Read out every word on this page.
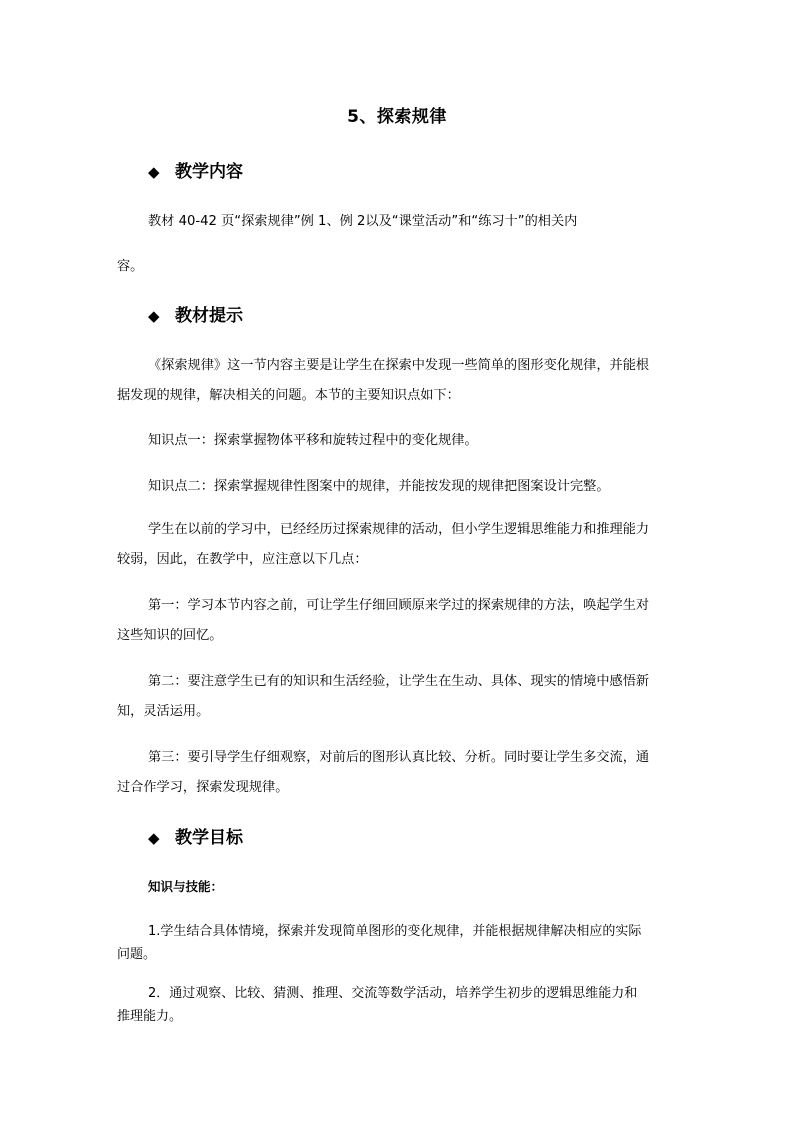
5、探索规律
◆ 教学内容
教材 40-42 页“探索规律”例 1、例 2以及“课堂活动”和“练习十”的相关内
容。
◆ 教材提示
《探索规律》这一节内容主要是让学生在探索中发现一些简单的图形变化规律，并能根
据发现的规律，解决相关的问题。本节的主要知识点如下：
知识点一：探索掌握物体平移和旋转过程中的变化规律。
知识点二：探索掌握规律性图案中的规律，并能按发现的规律把图案设计完整。
学生在以前的学习中，已经经历过探索规律的活动，但小学生逻辑思维能力和推理能力
较弱，因此，在教学中，应注意以下几点：
第一：学习本节内容之前，可让学生仔细回顾原来学过的探索规律的方法，唤起学生对
这些知识的回忆。
第二：要注意学生已有的知识和生活经验，让学生在生动、具体、现实的情境中感悟新
知，灵活运用。
第三：要引导学生仔细观察，对前后的图形认真比较、分析。同时要让学生多交流，通
过合作学习，探索发现规律。
◆ 教学目标
知识与技能：
1.学生结合具体情境，探索并发现简单图形的变化规律，并能根据规律解决相应的实际
问题。
2．通过观察、比较、猜测、推理、交流等数学活动，培养学生初步的逻辑思维能力和
推理能力。
